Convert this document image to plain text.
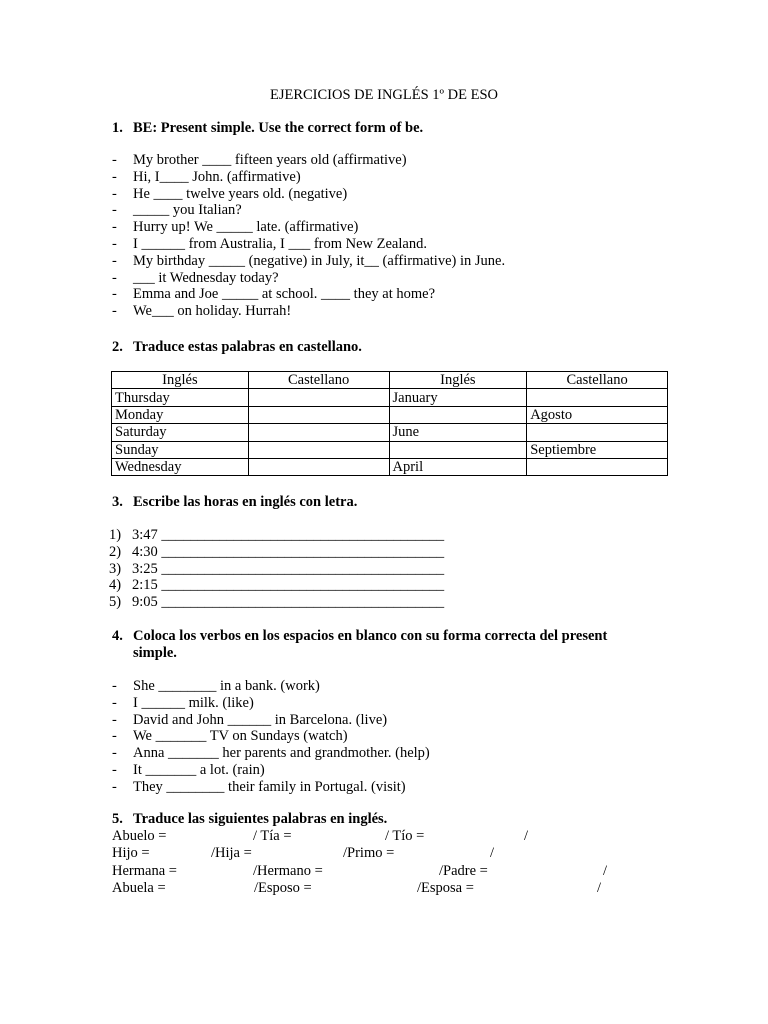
EJERCICIOS DE INGLÉS 1º DE ESO
1. BE: Present simple. Use the correct form of be.
- My brother ____ fifteen years old (affirmative)
- Hi, I____ John. (affirmative)
- He ____ twelve years old. (negative)
- _____ you Italian?
- Hurry up! We _____ late. (affirmative)
- I ______ from Australia, I ___ from New Zealand.
- My birthday _____ (negative) in July, it__ (affirmative) in June.
- ___ it Wednesday today?
- Emma and Joe _____ at school. ____ they at home?
- We___ on holiday. Hurrah!
2. Traduce estas palabras en castellano.
Inglés	Castellano	Inglés	Castellano
Thursday		January	
Monday			Agosto
Saturday		June	
Sunday			Septiembre
Wednesday		April	
3. Escribe las horas en inglés con letra.
1) 3:47 _______________________________________
2) 4:30 _______________________________________
3) 3:25 _______________________________________
4) 2:15 _______________________________________
5) 9:05 _______________________________________
4. Coloca los verbos en los espacios en blanco con su forma correcta del present
simple.
- She ________ in a bank. (work)
- I ______ milk. (like)
- David and John ______ in Barcelona. (live)
- We _______ TV on Sundays (watch)
- Anna _______ her parents and grandmother. (help)
- It _______ a lot. (rain)
- They ________ their family in Portugal. (visit)
5. Traduce las siguientes palabras en inglés.
Abuelo =	/ Tía =	/ Tío =	/
Hijo =	/Hija =	/Primo =	/
Hermana =	/Hermano =	/Padre =	/
Abuela =	/Esposo =	/Esposa =	/
